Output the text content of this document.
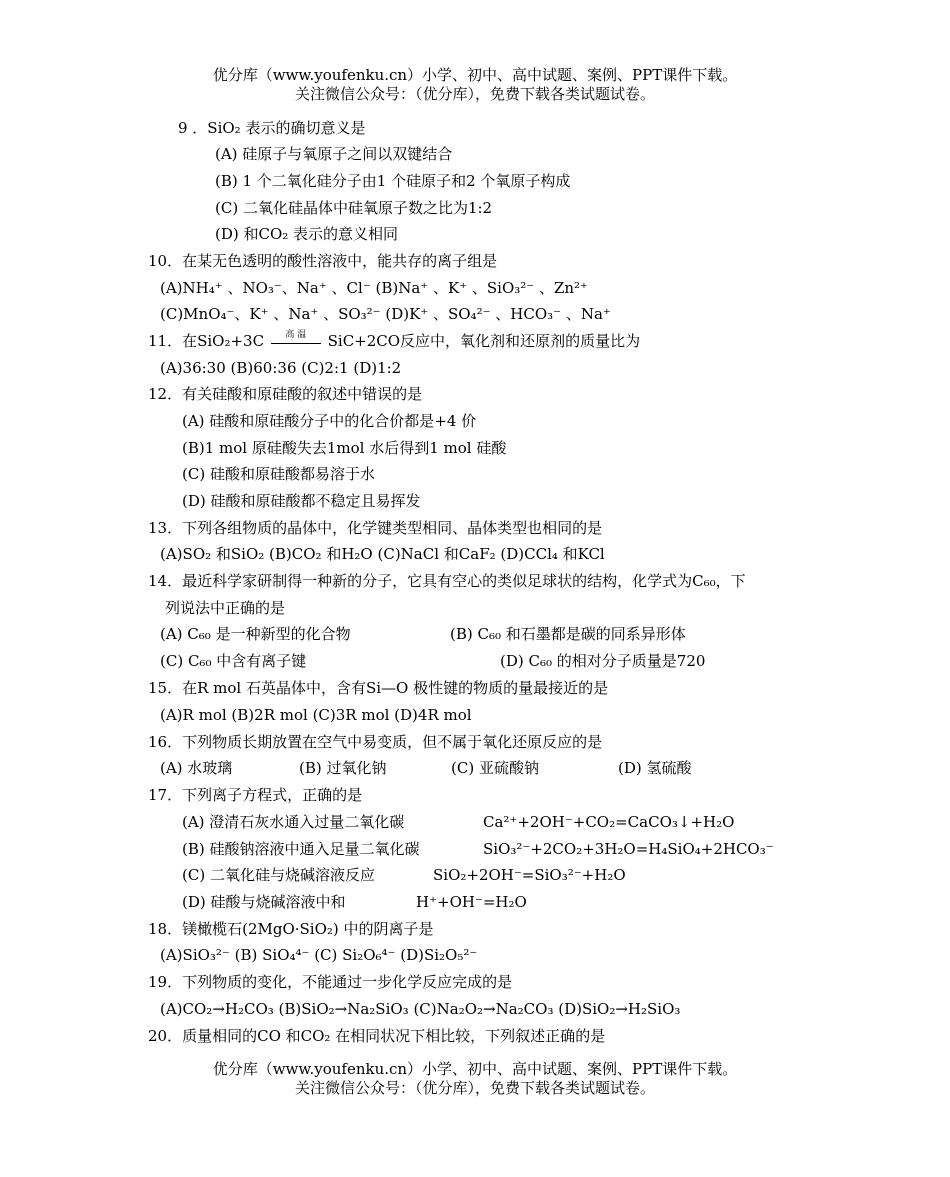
优分库（www.youfenku.cn）小学、初中、高中试题、案例、PPT课件下载。
关注微信公众号：（优分库），免费下载各类试题试卷。
9 ．SiO₂ 表示的确切意义是
(A) 硅原子与氧原子之间以双键结合
(B) 1 个二氧化硅分子由1 个硅原子和2 个氧原子构成
(C) 二氧化硅晶体中硅氧原子数之比为1:2
(D) 和CO₂ 表示的意义相同
10．在某无色透明的酸性溶液中，能共存的离子组是
(A)NH₄⁺ 、NO₃⁻、Na⁺ 、Cl⁻ (B)Na⁺ 、K⁺ 、SiO₃²⁻ 、Zn²⁺
(C)MnO₄⁻、K⁺ 、Na⁺ 、SO₃²⁻ (D)K⁺ 、SO₄²⁻ 、HCO₃⁻ 、Na⁺
11．在SiO₂+3C	高 温	SiC+2CO反应中，氧化剂和还原剂的质量比为
(A)36:30 (B)60:36 (C)2:1 (D)1:2
12．有关硅酸和原硅酸的叙述中错误的是
(A) 硅酸和原硅酸分子中的化合价都是+4 价
(B)1 mol 原硅酸失去1mol 水后得到1 mol 硅酸
(C) 硅酸和原硅酸都易溶于水
(D) 硅酸和原硅酸都不稳定且易挥发
13．下列各组物质的晶体中，化学键类型相同、晶体类型也相同的是
(A)SO₂ 和SiO₂ (B)CO₂ 和H₂O (C)NaCl 和CaF₂ (D)CCl₄ 和KCl
14．最近科学家研制得一种新的分子，它具有空心的类似足球状的结构，化学式为C₆₀，下
列说法中正确的是
(A) C₆₀ 是一种新型的化合物	(B) C₆₀ 和石墨都是碳的同系异形体
(C) C₆₀ 中含有离子键	(D) C₆₀ 的相对分子质量是720
15．在R mol 石英晶体中，含有Si—O 极性键的物质的量最接近的是
(A)R mol (B)2R mol (C)3R mol (D)4R mol
16．下列物质长期放置在空气中易变质，但不属于氧化还原反应的是
(A) 水玻璃	(B) 过氧化钠	(C) 亚硫酸钠	(D) 氢硫酸
17．下列离子方程式，正确的是
(A) 澄清石灰水通入过量二氧化碳	Ca²⁺+2OH⁻+CO₂=CaCO₃↓+H₂O
(B) 硅酸钠溶液中通入足量二氧化碳	SiO₃²⁻+2CO₂+3H₂O=H₄SiO₄+2HCO₃⁻
(C) 二氧化硅与烧碱溶液反应	SiO₂+2OH⁻=SiO₃²⁻+H₂O
(D) 硅酸与烧碱溶液中和	H⁺+OH⁻=H₂O
18．镁橄榄石(2MgO·SiO₂) 中的阴离子是
(A)SiO₃²⁻ (B) SiO₄⁴⁻ (C) Si₂O₆⁴⁻ (D)Si₂O₅²⁻
19．下列物质的变化，不能通过一步化学反应完成的是
(A)CO₂→H₂CO₃ (B)SiO₂→Na₂SiO₃ (C)Na₂O₂→Na₂CO₃ (D)SiO₂→H₂SiO₃
20．质量相同的CO 和CO₂ 在相同状况下相比较，下列叙述正确的是
优分库（www.youfenku.cn）小学、初中、高中试题、案例、PPT课件下载。
关注微信公众号：（优分库），免费下载各类试题试卷。
